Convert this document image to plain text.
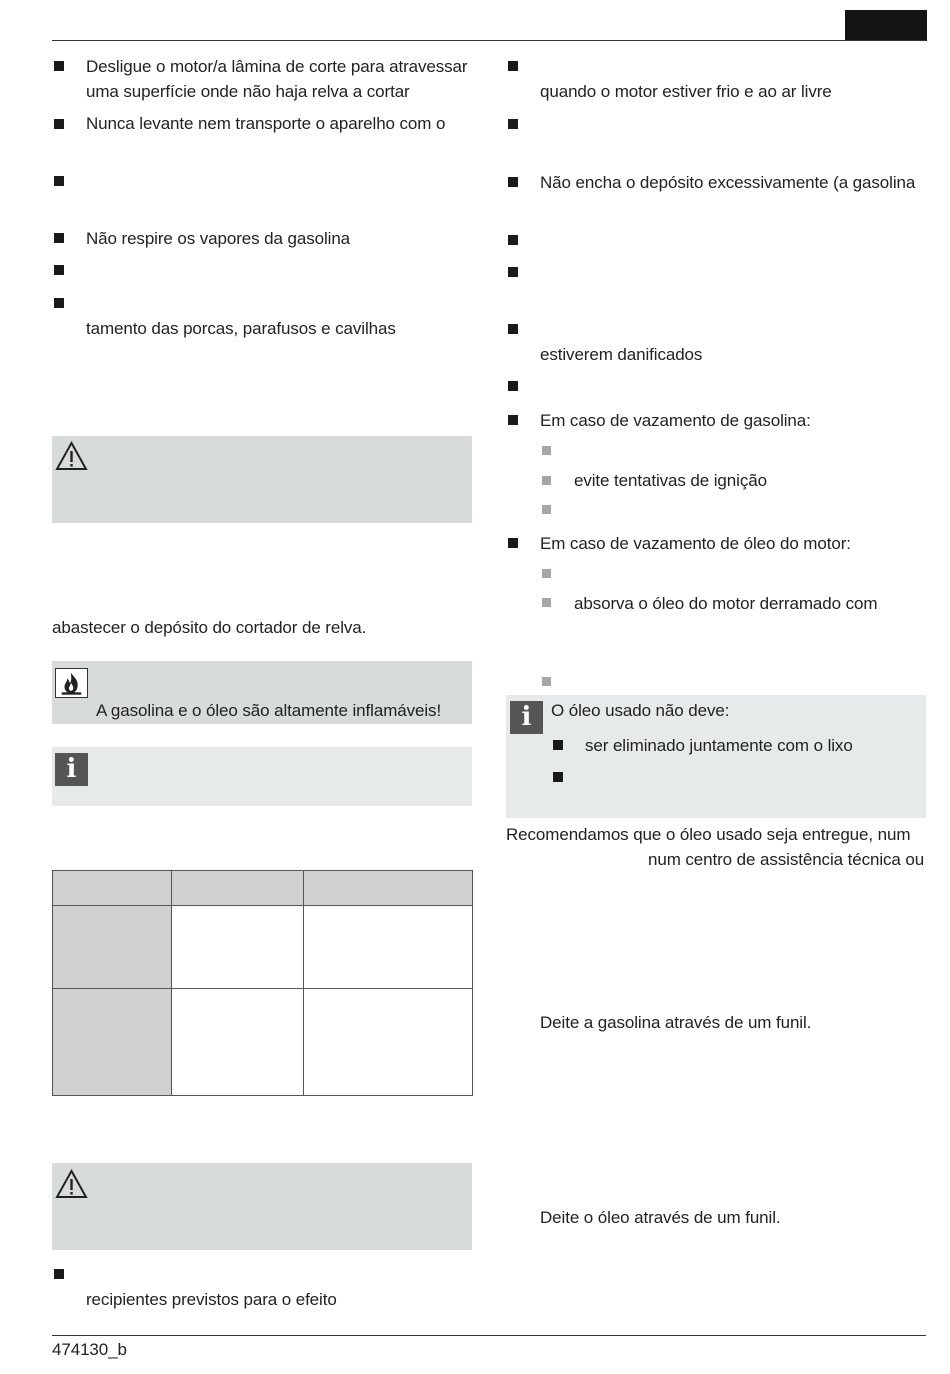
Desligue o motor/a lâmina de corte para atravessar
uma superfície onde não haja relva a cortar
Nunca levante nem transporte o aparelho com o
Não respire os vapores da gasolina
tamento das porcas, parafusos e cavilhas
abastecer o depósito do cortador de relva.
A gasolina e o óleo são altamente inflamáveis!
i

recipientes previstos para o efeito
quando o motor estiver frio e ao ar livre
Não encha o depósito excessivamente (a gasolina
estiverem danificados
Em caso de vazamento de gasolina:
evite tentativas de ignição
Em caso de vazamento de óleo do motor:
absorva o óleo do motor derramado com
i	O óleo usado não deve:
ser eliminado juntamente com o lixo
Recomendamos que o óleo usado seja entregue, num
num centro de assistência técnica ou
Deite a gasolina através de um funil.
Deite o óleo através de um funil.
474130_b
